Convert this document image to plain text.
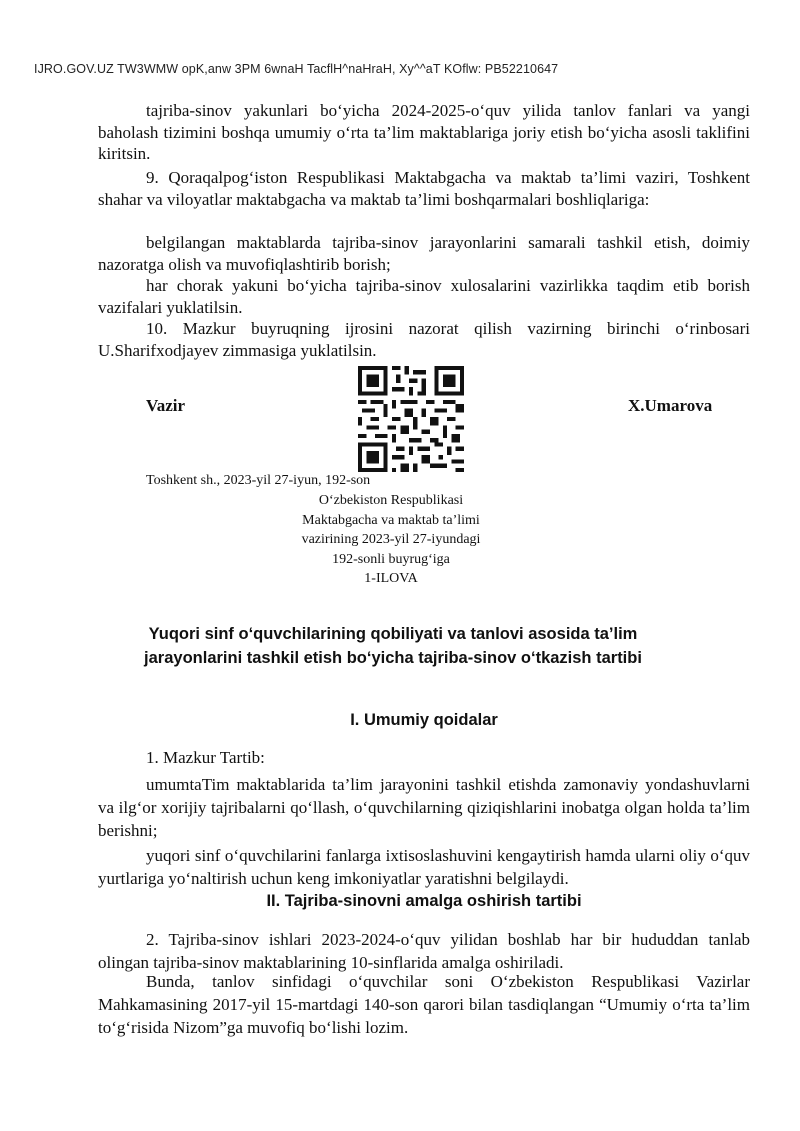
IJRO.GOV.UZ TW3WMW opK,anw 3PM 6wnaH TacflH^naHraH, Xy^^aT KOflw: PB52210647

tajriba-sinov yakunlari bo‘yicha 2024-2025-o‘quv yilida tanlov fanlari va yangi baholash tizimini boshqa umumiy o‘rta ta’lim maktablariga joriy etish bo‘yicha asosli taklifini kiritsin.

9. Qoraqalpog‘iston Respublikasi Maktabgacha va maktab ta’limi vaziri, Toshkent shahar va viloyatlar maktabgacha va maktab ta’limi boshqarmalari boshliqlariga:

belgilangan maktablarda tajriba-sinov jarayonlarini samarali tashkil etish, doimiy nazoratga olish va muvofiqlashtirib borish;

har chorak yakuni bo‘yicha tajriba-sinov xulosalarini vazirlikka taqdim etib borish vazifalari yuklatilsin.

10. Mazkur buyruqning ijrosini nazorat qilish vazirning birinchi o‘rinbosari U.Sharifxodjayev zimmasiga yuklatilsin.

Vazir	X.Umarova
Toshkent sh., 2023-yil 27-iyun, 192-son
O‘zbekiston Respublikasi
Maktabgacha va maktab ta’limi
vazirining 2023-yil 27-iyundagi
192-sonli buyrug‘iga
1-ILOVA
Yuqori sinf o‘quvchilarining qobiliyati va tanlovi asosida ta’lim jarayonlarini tashkil etish bo‘yicha tajriba-sinov o‘tkazish tartibi
I. Umumiy qoidalar

1. Mazkur Tartib:

umumtaTim maktablarida ta’lim jarayonini tashkil etishda zamonaviy yondashuvlarni va ilg‘or xorijiy tajribalarni qo‘llash, o‘quvchilarning qiziqishlarini inobatga olgan holda ta’lim berishni;

yuqori sinf o‘quvchilarini fanlarga ixtisoslashuvini kengaytirish hamda ularni oliy o‘quv yurtlariga yo‘naltirish uchun keng imkoniyatlar yaratishni belgilaydi.

II. Tajriba-sinovni amalga oshirish tartibi

2. Tajriba-sinov ishlari 2023-2024-o‘quv yilidan boshlab har bir hududdan tanlab olingan tajriba-sinov maktablarining 10-sinflarida amalga oshiriladi.

Bunda, tanlov sinfidagi o‘quvchilar soni O‘zbekiston Respublikasi Vazirlar Mahkamasining 2017-yil 15-martdagi 140-son qarori bilan tasdiqlangan “Umumiy o‘rta ta’lim to‘g‘risida Nizom”ga muvofiq bo‘lishi lozim.
